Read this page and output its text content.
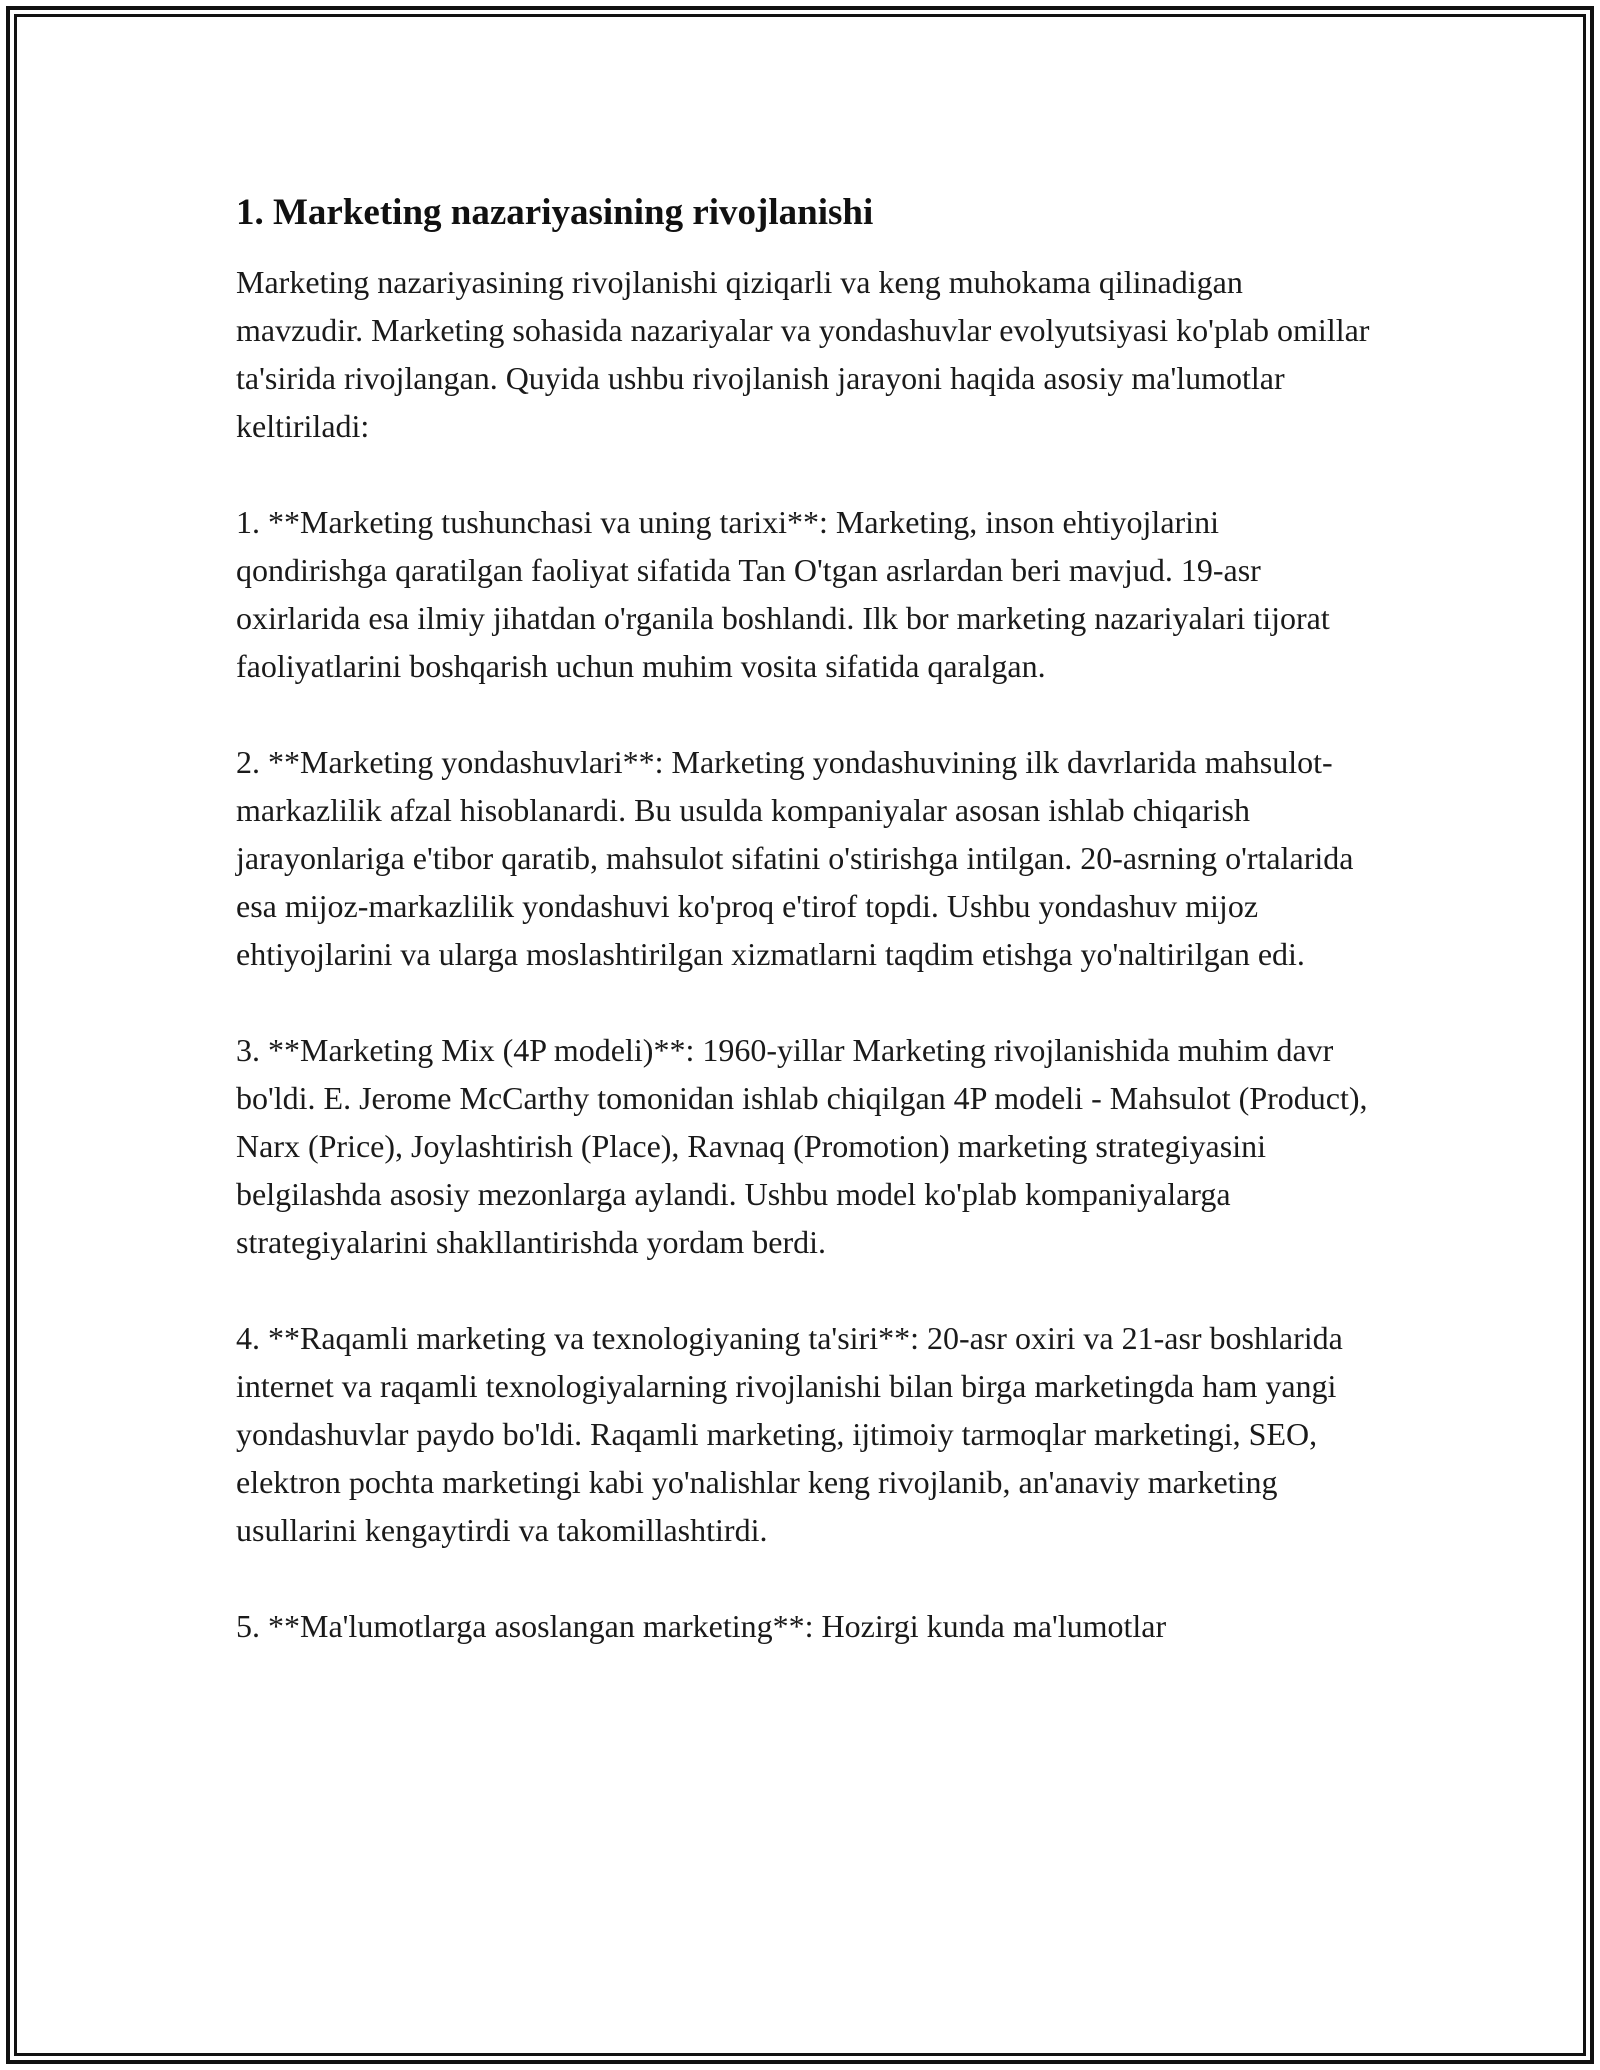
1. Marketing nazariyasining rivojlanishi

Marketing nazariyasining rivojlanishi qiziqarli va keng muhokama qilinadigan mavzudir. Marketing sohasida nazariyalar va yondashuvlar evolyutsiyasi ko'plab omillar ta'sirida rivojlangan. Quyida ushbu rivojlanish jarayoni haqida asosiy ma'lumotlar keltiriladi:

1. **Marketing tushunchasi va uning tarixi**: Marketing, inson ehtiyojlarini qondirishga qaratilgan faoliyat sifatida Tan O'tgan asrlardan beri mavjud. 19-asr oxirlarida esa ilmiy jihatdan o'rganila boshlandi. Ilk bor marketing nazariyalari tijorat faoliyatlarini boshqarish uchun muhim vosita sifatida qaralgan.

2. **Marketing yondashuvlari**: Marketing yondashuvining ilk davrlarida mahsulot-markazlilik afzal hisoblanardi. Bu usulda kompaniyalar asosan ishlab chiqarish jarayonlariga e'tibor qaratib, mahsulot sifatini o'stirishga intilgan. 20-asrning o'rtalarida esa mijoz-markazlilik yondashuvi ko'proq e'tirof topdi. Ushbu yondashuv mijoz ehtiyojlarini va ularga moslashtirilgan xizmatlarni taqdim etishga yo'naltirilgan edi.

3. **Marketing Mix (4P modeli)**: 1960-yillar Marketing rivojlanishida muhim davr bo'ldi. E. Jerome McCarthy tomonidan ishlab chiqilgan 4P modeli - Mahsulot (Product), Narx (Price), Joylashtirish (Place), Ravnaq (Promotion) marketing strategiyasini belgilashda asosiy mezonlarga aylandi. Ushbu model ko'plab kompaniyalarga strategiyalarini shakllantirishda yordam berdi.

4. **Raqamli marketing va texnologiyaning ta'siri**: 20-asr oxiri va 21-asr boshlarida internet va raqamli texnologiyalarning rivojlanishi bilan birga marketingda ham yangi yondashuvlar paydo bo'ldi. Raqamli marketing, ijtimoiy tarmoqlar marketingi, SEO, elektron pochta marketingi kabi yo'nalishlar keng rivojlanib, an'anaviy marketing usullarini kengaytirdi va takomillashtirdi.

5. **Ma'lumotlarga asoslangan marketing**: Hozirgi kunda ma'lumotlar
